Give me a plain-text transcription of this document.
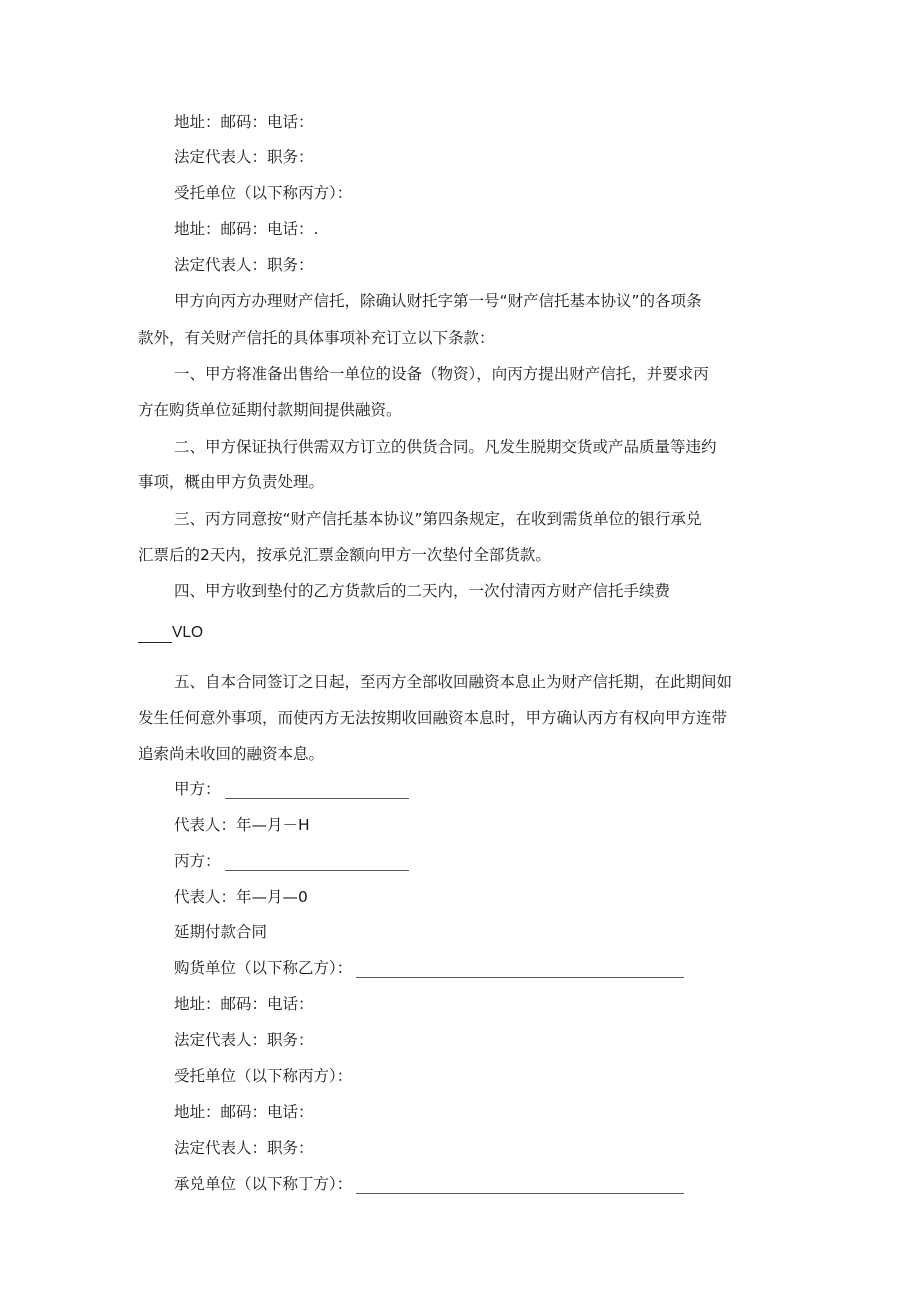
地址：邮码：电话：
法定代表人：职务：
受托单位（以下称丙方）：
地址：邮码：电话：.
法定代表人：职务：
甲方向丙方办理财产信托，除确认财托字第一号“财产信托基本协议”的各项条
款外，有关财产信托的具体事项补充订立以下条款：
一、甲方将准备出售给一单位的设备（物资），向丙方提出财产信托，并要求丙
方在购货单位延期付款期间提供融资。
二、甲方保证执行供需双方订立的供货合同。凡发生脱期交货或产品质量等违约
事项，概由甲方负责处理。
三、丙方同意按“财产信托基本协议”第四条规定，在收到需货单位的银行承兑
汇票后的2天内，按承兑汇票金额向甲方一次垫付全部货款。
四、甲方收到垫付的乙方货款后的二天内，一次付清丙方财产信托手续费
VLO
五、自本合同签订之日起，至丙方全部收回融资本息止为财产信托期，在此期间如
发生任何意外事项，而使丙方无法按期收回融资本息时，甲方确认丙方有权向甲方连带
追索尚未收回的融资本息。
甲方：
代表人：年—月－H
丙方：
代表人：年—月—0
延期付款合同
购货单位（以下称乙方）：
地址：邮码：电话：
法定代表人：职务：
受托单位（以下称丙方）：
地址：邮码：电话：
法定代表人：职务：
承兑单位（以下称丁方）：
